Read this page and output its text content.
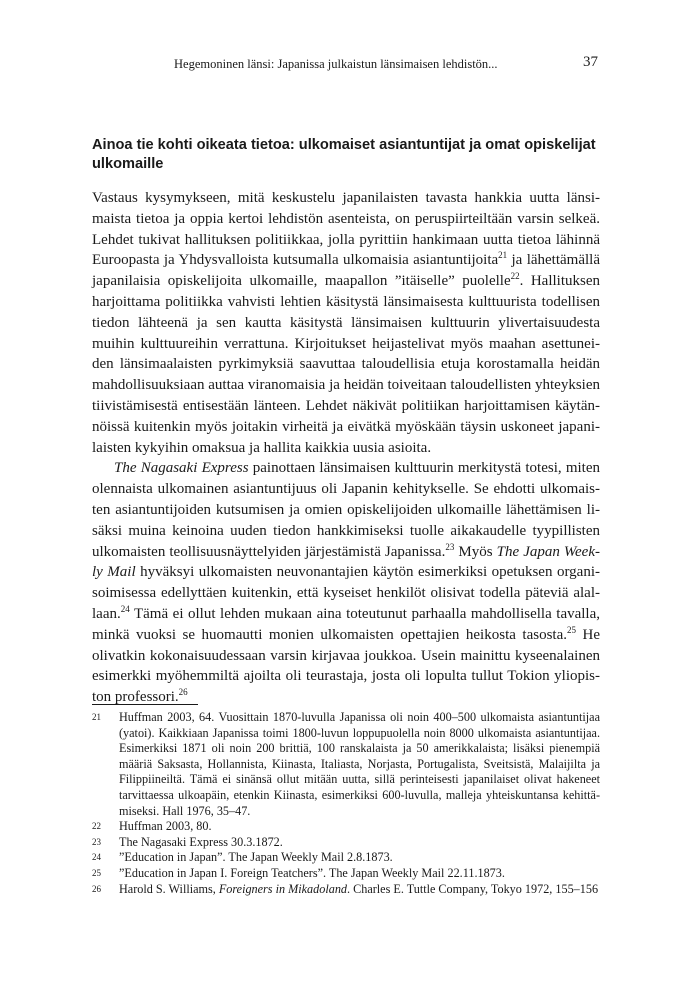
Hegemoninen länsi: Japanissa julkaistun länsimaisen lehdistön...	37
Ainoa tie kohti oikeata tietoa: ulkomaiset asiantuntijat ja omat opiskelijat ulkomaille

Vastaus kysymykseen, mitä keskustelu japanilaisten tavasta hankkia uutta länsimaista tietoa ja oppia kertoi lehdistön asenteista, on peruspiirteiltään varsin selkeä. Lehdet tukivat hallituksen politiikkaa, jolla pyrittiin hankimaan uutta tietoa lähinnä Euroopasta ja Yhdysvalloista kutsumalla ulkomaisia asiantuntijoita$^{21}$ ja lähettämällä japanilaisia opiskelijoita ulkomaille, maapallon ”itäiselle” puolelle$^{22}$. Hallituksen harjoittama politiikka vahvisti lehtien käsitystä länsimaisesta kulttuurista todellisen tiedon lähteenä ja sen kautta käsitystä länsimaisen kulttuurin ylivertaisuudesta muihin kulttuureihin verrattuna. Kirjoitukset heijastelivat myös maahan asettuneiden länsimaalaisten pyrkimyksiä saavuttaa taloudellisia etuja korostamalla heidän mahdollisuuksiaan auttaa viranomaisia ja heidän toiveitaan taloudellisten yhteyksien tiivistämisestä entisestään länteen. Lehdet näkivät politiikan harjoittamisen käytännöissä kuitenkin myös joitakin virheitä ja eivätkä myöskään täysin uskoneet japanilaisten kykyihin omaksua ja hallita kaikkia uusia asioita.

The Nagasaki Express painottaen länsimaisen kulttuurin merkitystä totesi, miten olennaista ulkomainen asiantuntijuus oli Japanin kehitykselle. Se ehdotti ulkomaisten asiantuntijoiden kutsumisen ja omien opiskelijoiden ulkomaille lähettämisen lisäksi muina keinoina uuden tiedon hankkimiseksi tuolle aikakaudelle tyypillisten ulkomaisten teollisuusnäyttelyiden järjestämistä Japanissa.$^{23}$ Myös The Japan Weekly Mail hyväksyi ulkomaisten neuvonantajien käytön esimerkiksi opetuksen organisoimisessa edellyttäen kuitenkin, että kyseiset henkilöt olisivat todella päteviä alallaan.$^{24}$ Tämä ei ollut lehden mukaan aina toteutunut parhaalla mahdollisella tavalla, minkä vuoksi se huomautti monien ulkomaisten opettajien heikosta tasosta.$^{25}$ He olivatkin kokonaisuudessaan varsin kirjavaa joukkoa. Usein mainittu kyseenalainen esimerkki myöhemmiltä ajoilta oli teurastaja, josta oli lopulta tullut Tokion yliopiston professori.$^{26}$

21	Huffman 2003, 64. Vuosittain 1870-luvulla Japanissa oli noin 400–500 ulkomaista asiantuntijaa (yatoi). Kaikkiaan Japanissa toimi 1800-luvun loppupuolella noin 8000 ulkomaista asiantuntijaa. Esimerkiksi 1871 oli noin 200 brittiä, 100 ranskalaista ja 50 amerikkalaista; lisäksi pienempiä määriä Saksasta, Hollannista, Kiinasta, Italiasta, Norjasta, Portugalista, Sveitsistä, Malaijilta ja Filippiineiltä. Tämä ei sinänsä ollut mitään uutta, sillä perinteisesti japanilaiset olivat hakeneet tarvittaessa ulkoapäin, etenkin Kiinasta, esimerkiksi 600-luvulla, malleja yhteiskuntansa kehittämiseksi. Hall 1976, 35–47.
22	Huffman 2003, 80.
23	The Nagasaki Express 30.3.1872.
24	”Education in Japan”. The Japan Weekly Mail 2.8.1873.
25	”Education in Japan I. Foreign Teatchers”. The Japan Weekly Mail 22.11.1873.
26	Harold S. Williams, Foreigners in Mikadoland. Charles E. Tuttle Company, Tokyo 1972, 155–156
